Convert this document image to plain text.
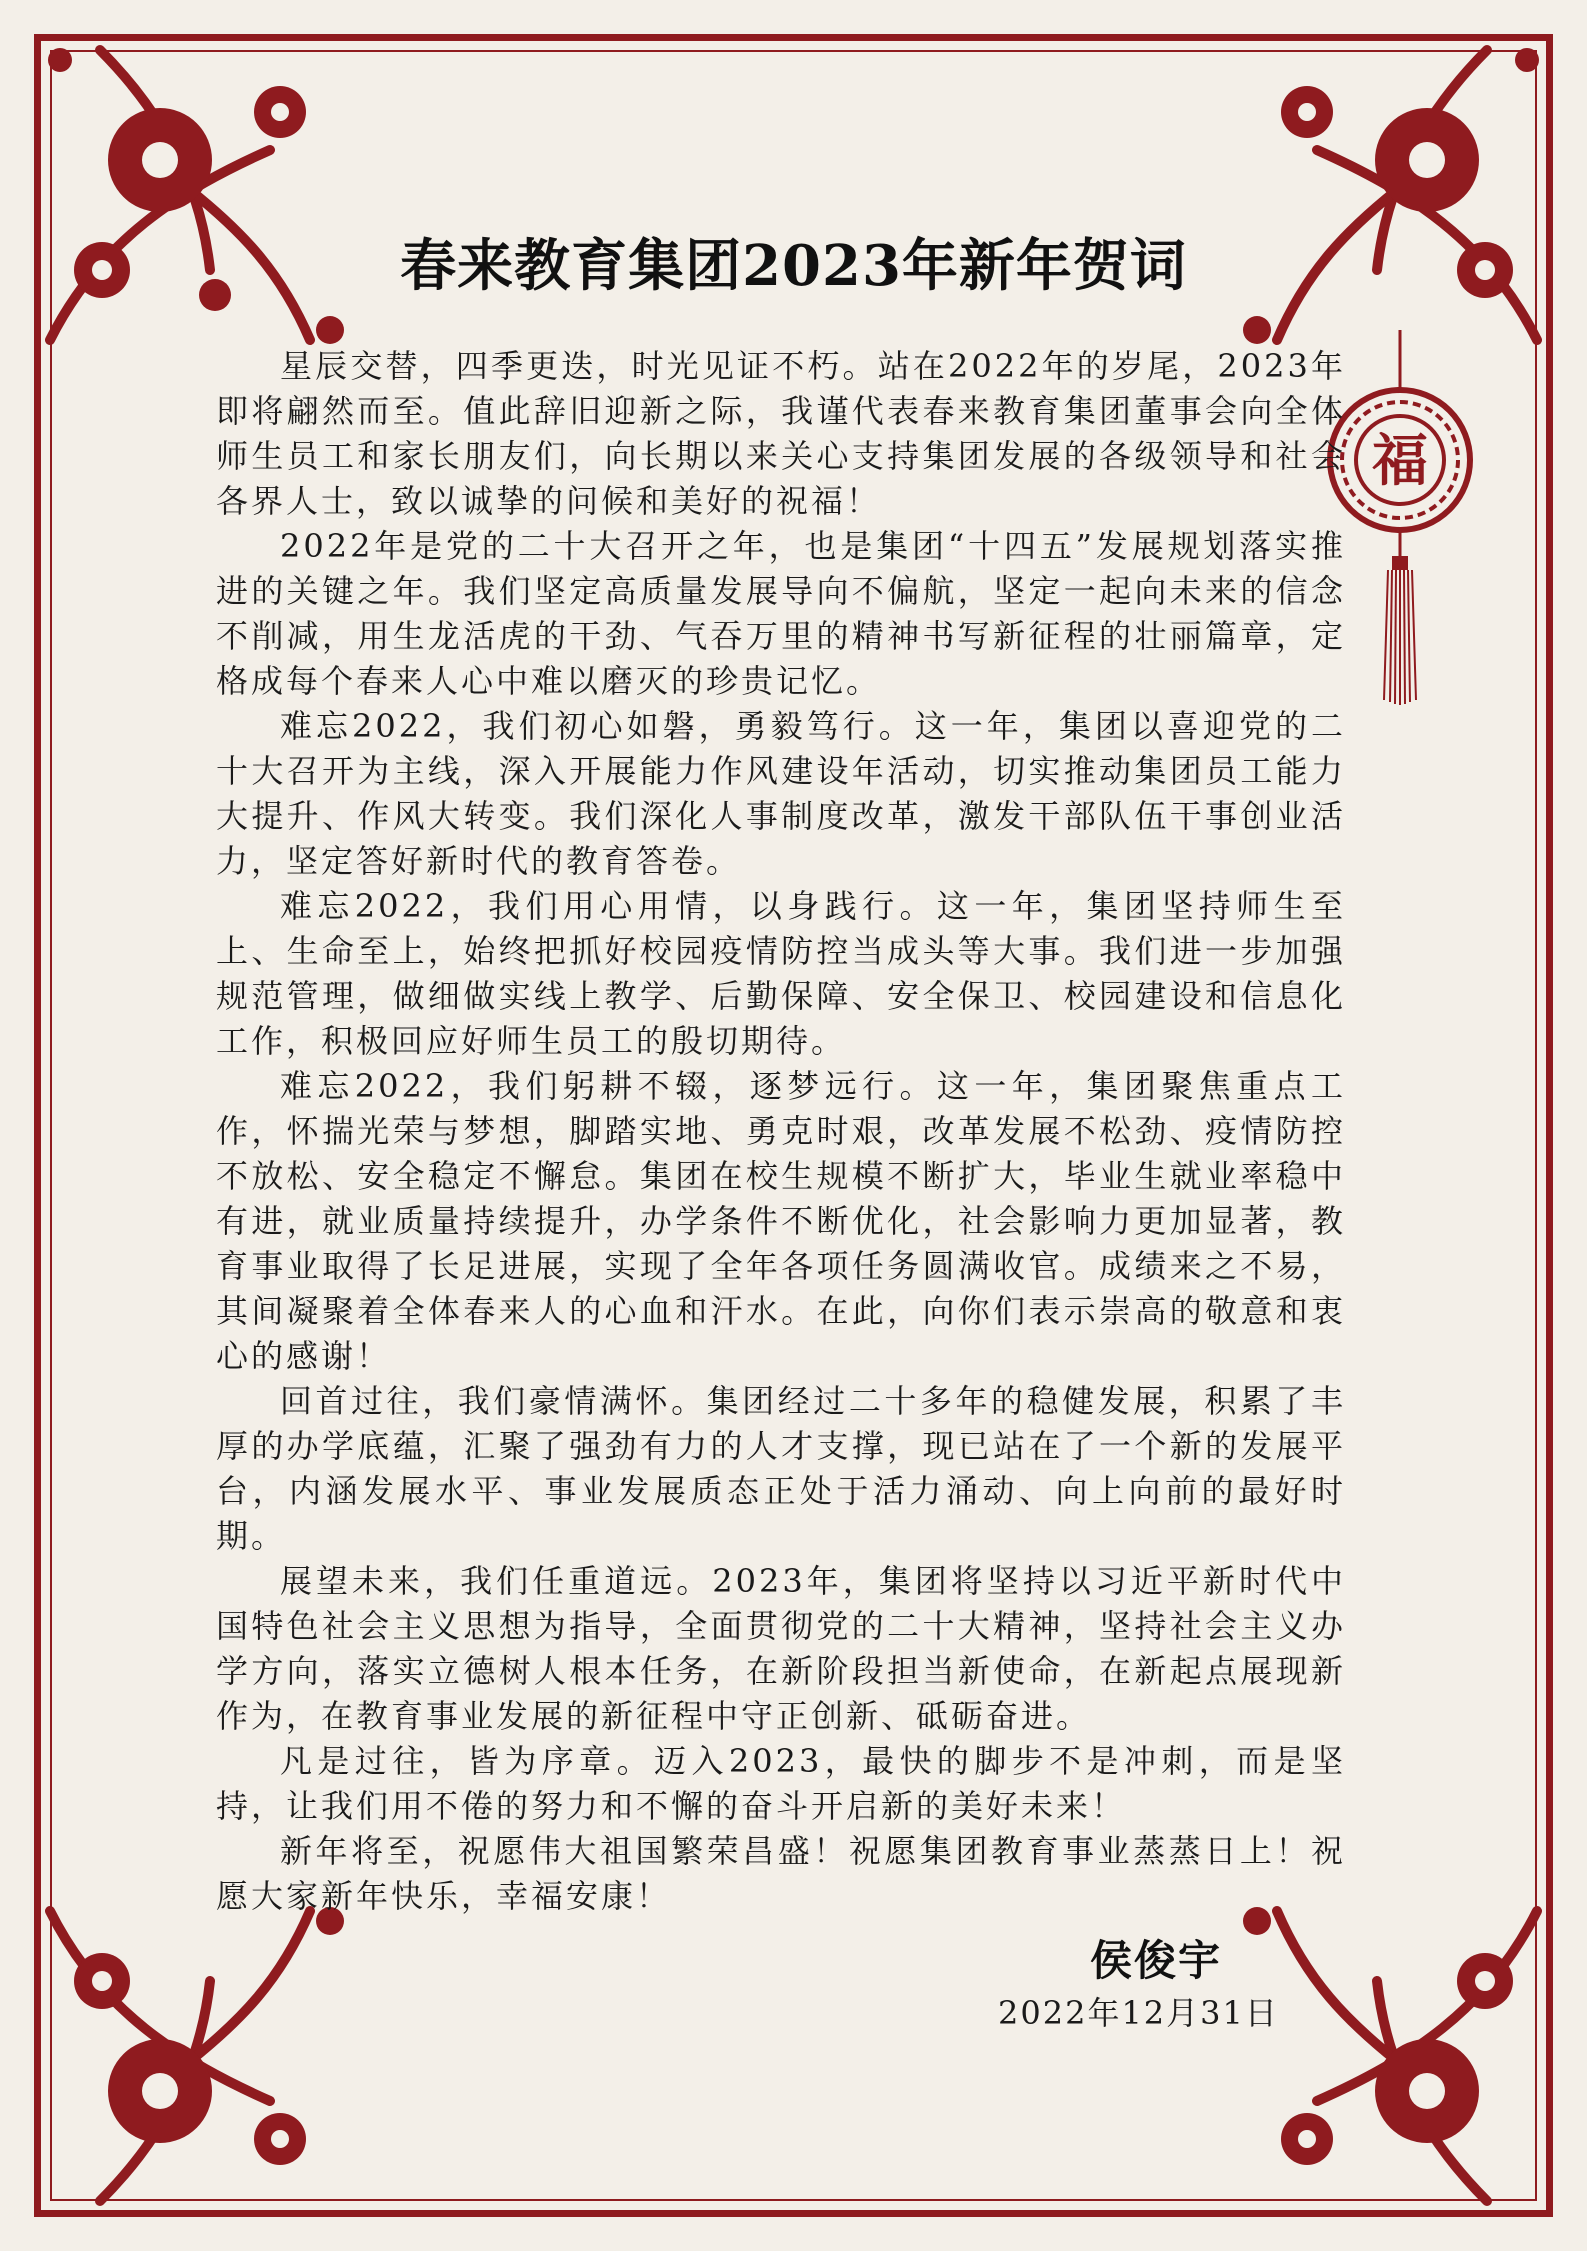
福
春来教育集团2023年新年贺词

星辰交替，四季更迭，时光见证不朽。站在2022年的岁尾，2023年即将翩然而至。值此辞旧迎新之际，我谨代表春来教育集团董事会向全体师生员工和家长朋友们，向长期以来关心支持集团发展的各级领导和社会各界人士，致以诚挚的问候和美好的祝福！

2022年是党的二十大召开之年，也是集团“十四五”发展规划落实推进的关键之年。我们坚定高质量发展导向不偏航，坚定一起向未来的信念不削减，用生龙活虎的干劲、气吞万里的精神书写新征程的壮丽篇章，定格成每个春来人心中难以磨灭的珍贵记忆。

难忘2022，我们初心如磐，勇毅笃行。这一年，集团以喜迎党的二十大召开为主线，深入开展能力作风建设年活动，切实推动集团员工能力大提升、作风大转变。我们深化人事制度改革，激发干部队伍干事创业活力，坚定答好新时代的教育答卷。

难忘2022，我们用心用情，以身践行。这一年，集团坚持师生至上、生命至上，始终把抓好校园疫情防控当成头等大事。我们进一步加强规范管理，做细做实线上教学、后勤保障、安全保卫、校园建设和信息化工作，积极回应好师生员工的殷切期待。

难忘2022，我们躬耕不辍，逐梦远行。这一年，集团聚焦重点工作，怀揣光荣与梦想，脚踏实地、勇克时艰，改革发展不松劲、疫情防控不放松、安全稳定不懈怠。集团在校生规模不断扩大，毕业生就业率稳中有进，就业质量持续提升，办学条件不断优化，社会影响力更加显著，教育事业取得了长足进展，实现了全年各项任务圆满收官。成绩来之不易，其间凝聚着全体春来人的心血和汗水。在此，向你们表示崇高的敬意和衷心的感谢！

回首过往，我们豪情满怀。集团经过二十多年的稳健发展，积累了丰厚的办学底蕴，汇聚了强劲有力的人才支撑，现已站在了一个新的发展平台，内涵发展水平、事业发展质态正处于活力涌动、向上向前的最好时期。

展望未来，我们任重道远。2023年，集团将坚持以习近平新时代中国特色社会主义思想为指导，全面贯彻党的二十大精神，坚持社会主义办学方向，落实立德树人根本任务，在新阶段担当新使命，在新起点展现新作为，在教育事业发展的新征程中守正创新、砥砺奋进。

凡是过往，皆为序章。迈入2023，最快的脚步不是冲刺，而是坚持，让我们用不倦的努力和不懈的奋斗开启新的美好未来！

新年将至，祝愿伟大祖国繁荣昌盛！祝愿集团教育事业蒸蒸日上！祝愿大家新年快乐，幸福安康！

侯俊宇
2022年12月31日
